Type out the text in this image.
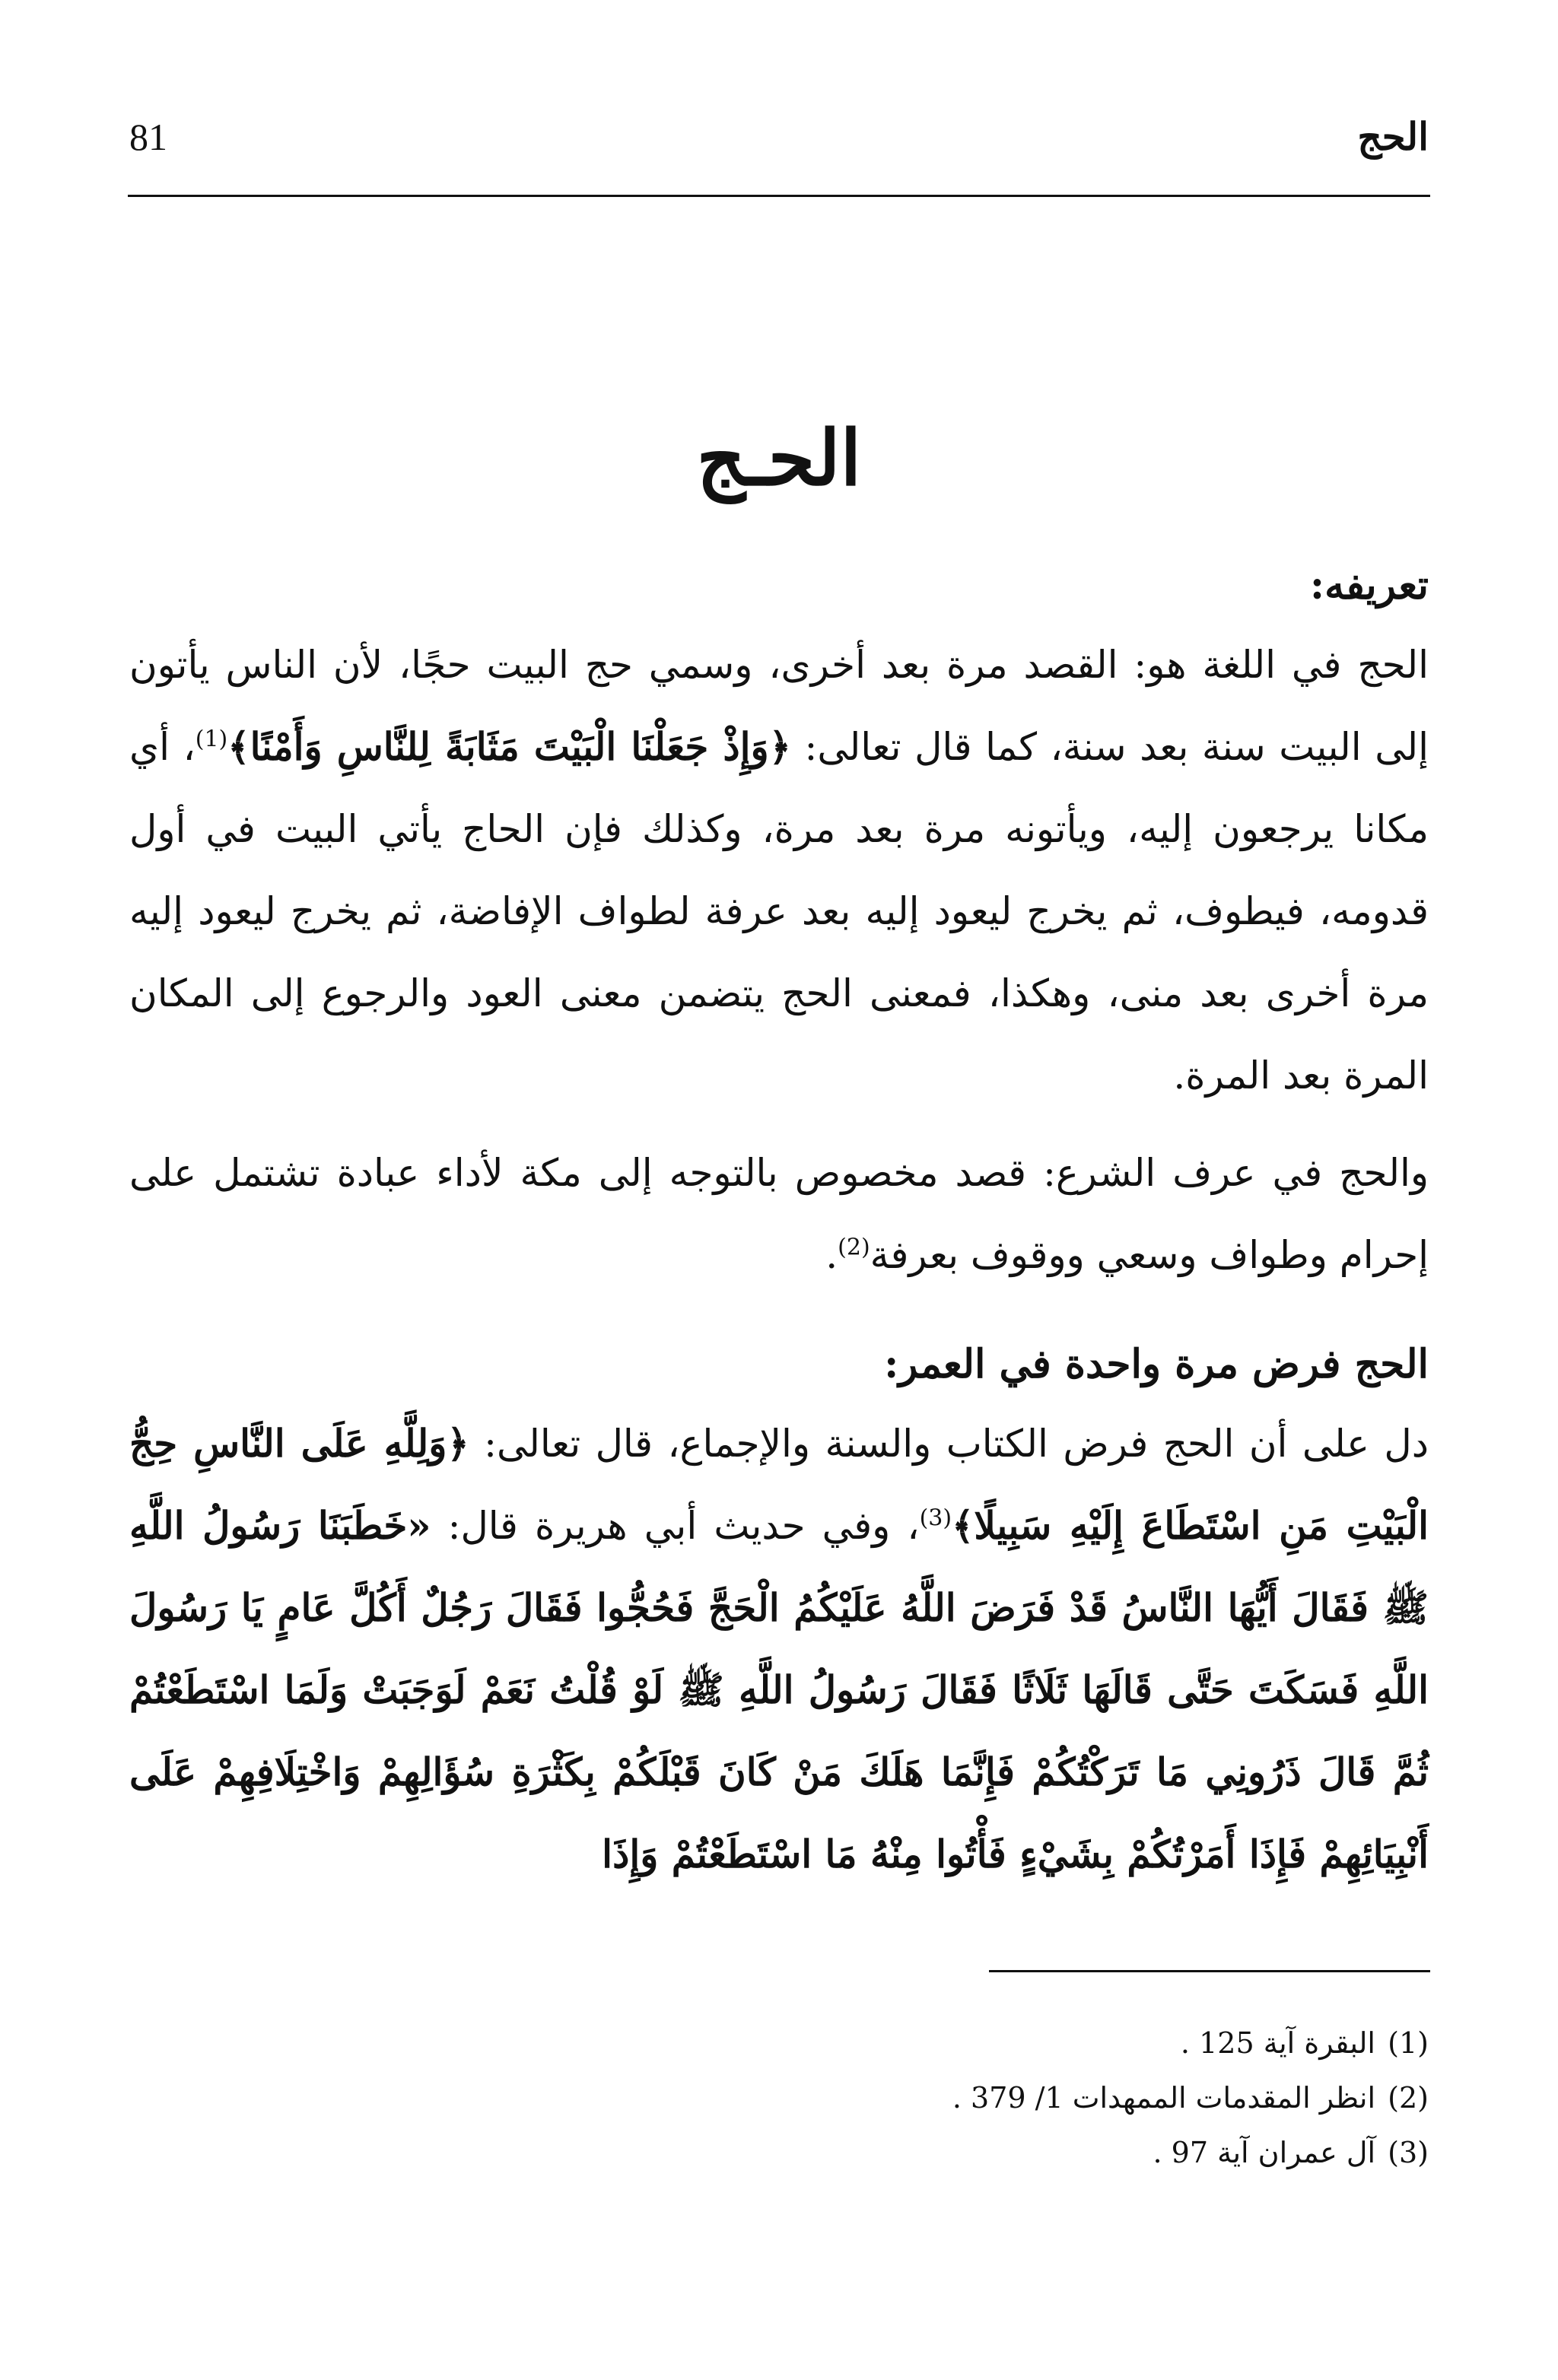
الحج
81
الحـج
تعريفه:

الحج في اللغة هو: القصد مرة بعد أخرى، وسمي حج البيت حجًا، لأن الناس يأتون إلى البيت سنة بعد سنة، كما قال تعالى: ﴿وَإِذْ جَعَلْنَا الْبَيْتَ مَثَابَةً لِلنَّاسِ وَأَمْنًا﴾$^{(1)}$، أي مكانا يرجعون إليه، ويأتونه مرة بعد مرة، وكذلك فإن الحاج يأتي البيت في أول قدومه، فيطوف، ثم يخرج ليعود إليه بعد عرفة لطواف الإفاضة، ثم يخرج ليعود إليه مرة أخرى بعد منى، وهكذا، فمعنى الحج يتضمن معنى العود والرجوع إلى المكان المرة بعد المرة.

والحج في عرف الشرع: قصد مخصوص بالتوجه إلى مكة لأداء عبادة تشتمل على إحرام وطواف وسعي ووقوف بعرفة$^{(2)}$.

الحج فرض مرة واحدة في العمر:

دل على أن الحج فرض الكتاب والسنة والإجماع، قال تعالى: ﴿وَلِلَّهِ عَلَى النَّاسِ حِجُّ الْبَيْتِ مَنِ اسْتَطَاعَ إِلَيْهِ سَبِيلًا﴾$^{(3)}$، وفي حديث أبي هريرة قال: «خَطَبَنَا رَسُولُ اللَّهِ ﷺ فَقَالَ أَيُّهَا النَّاسُ قَدْ فَرَضَ اللَّهُ عَلَيْكُمُ الْحَجَّ فَحُجُّوا فَقَالَ رَجُلٌ أَكُلَّ عَامٍ يَا رَسُولَ اللَّهِ فَسَكَتَ حَتَّى قَالَهَا ثَلَاثًا فَقَالَ رَسُولُ اللَّهِ ﷺ لَوْ قُلْتُ نَعَمْ لَوَجَبَتْ وَلَمَا اسْتَطَعْتُمْ ثُمَّ قَالَ ذَرُونِي مَا تَرَكْتُكُمْ فَإِنَّمَا هَلَكَ مَنْ كَانَ قَبْلَكُمْ بِكَثْرَةِ سُؤَالِهِمْ وَاخْتِلَافِهِمْ عَلَى أَنْبِيَائِهِمْ فَإِذَا أَمَرْتُكُمْ بِشَيْءٍ فَأْتُوا مِنْهُ مَا اسْتَطَعْتُمْ وَإِذَا

(1)البقرة آية 125 .
(2)انظر المقدمات الممهدات 1/ 379 .
(3)آل عمران آية 97 .
